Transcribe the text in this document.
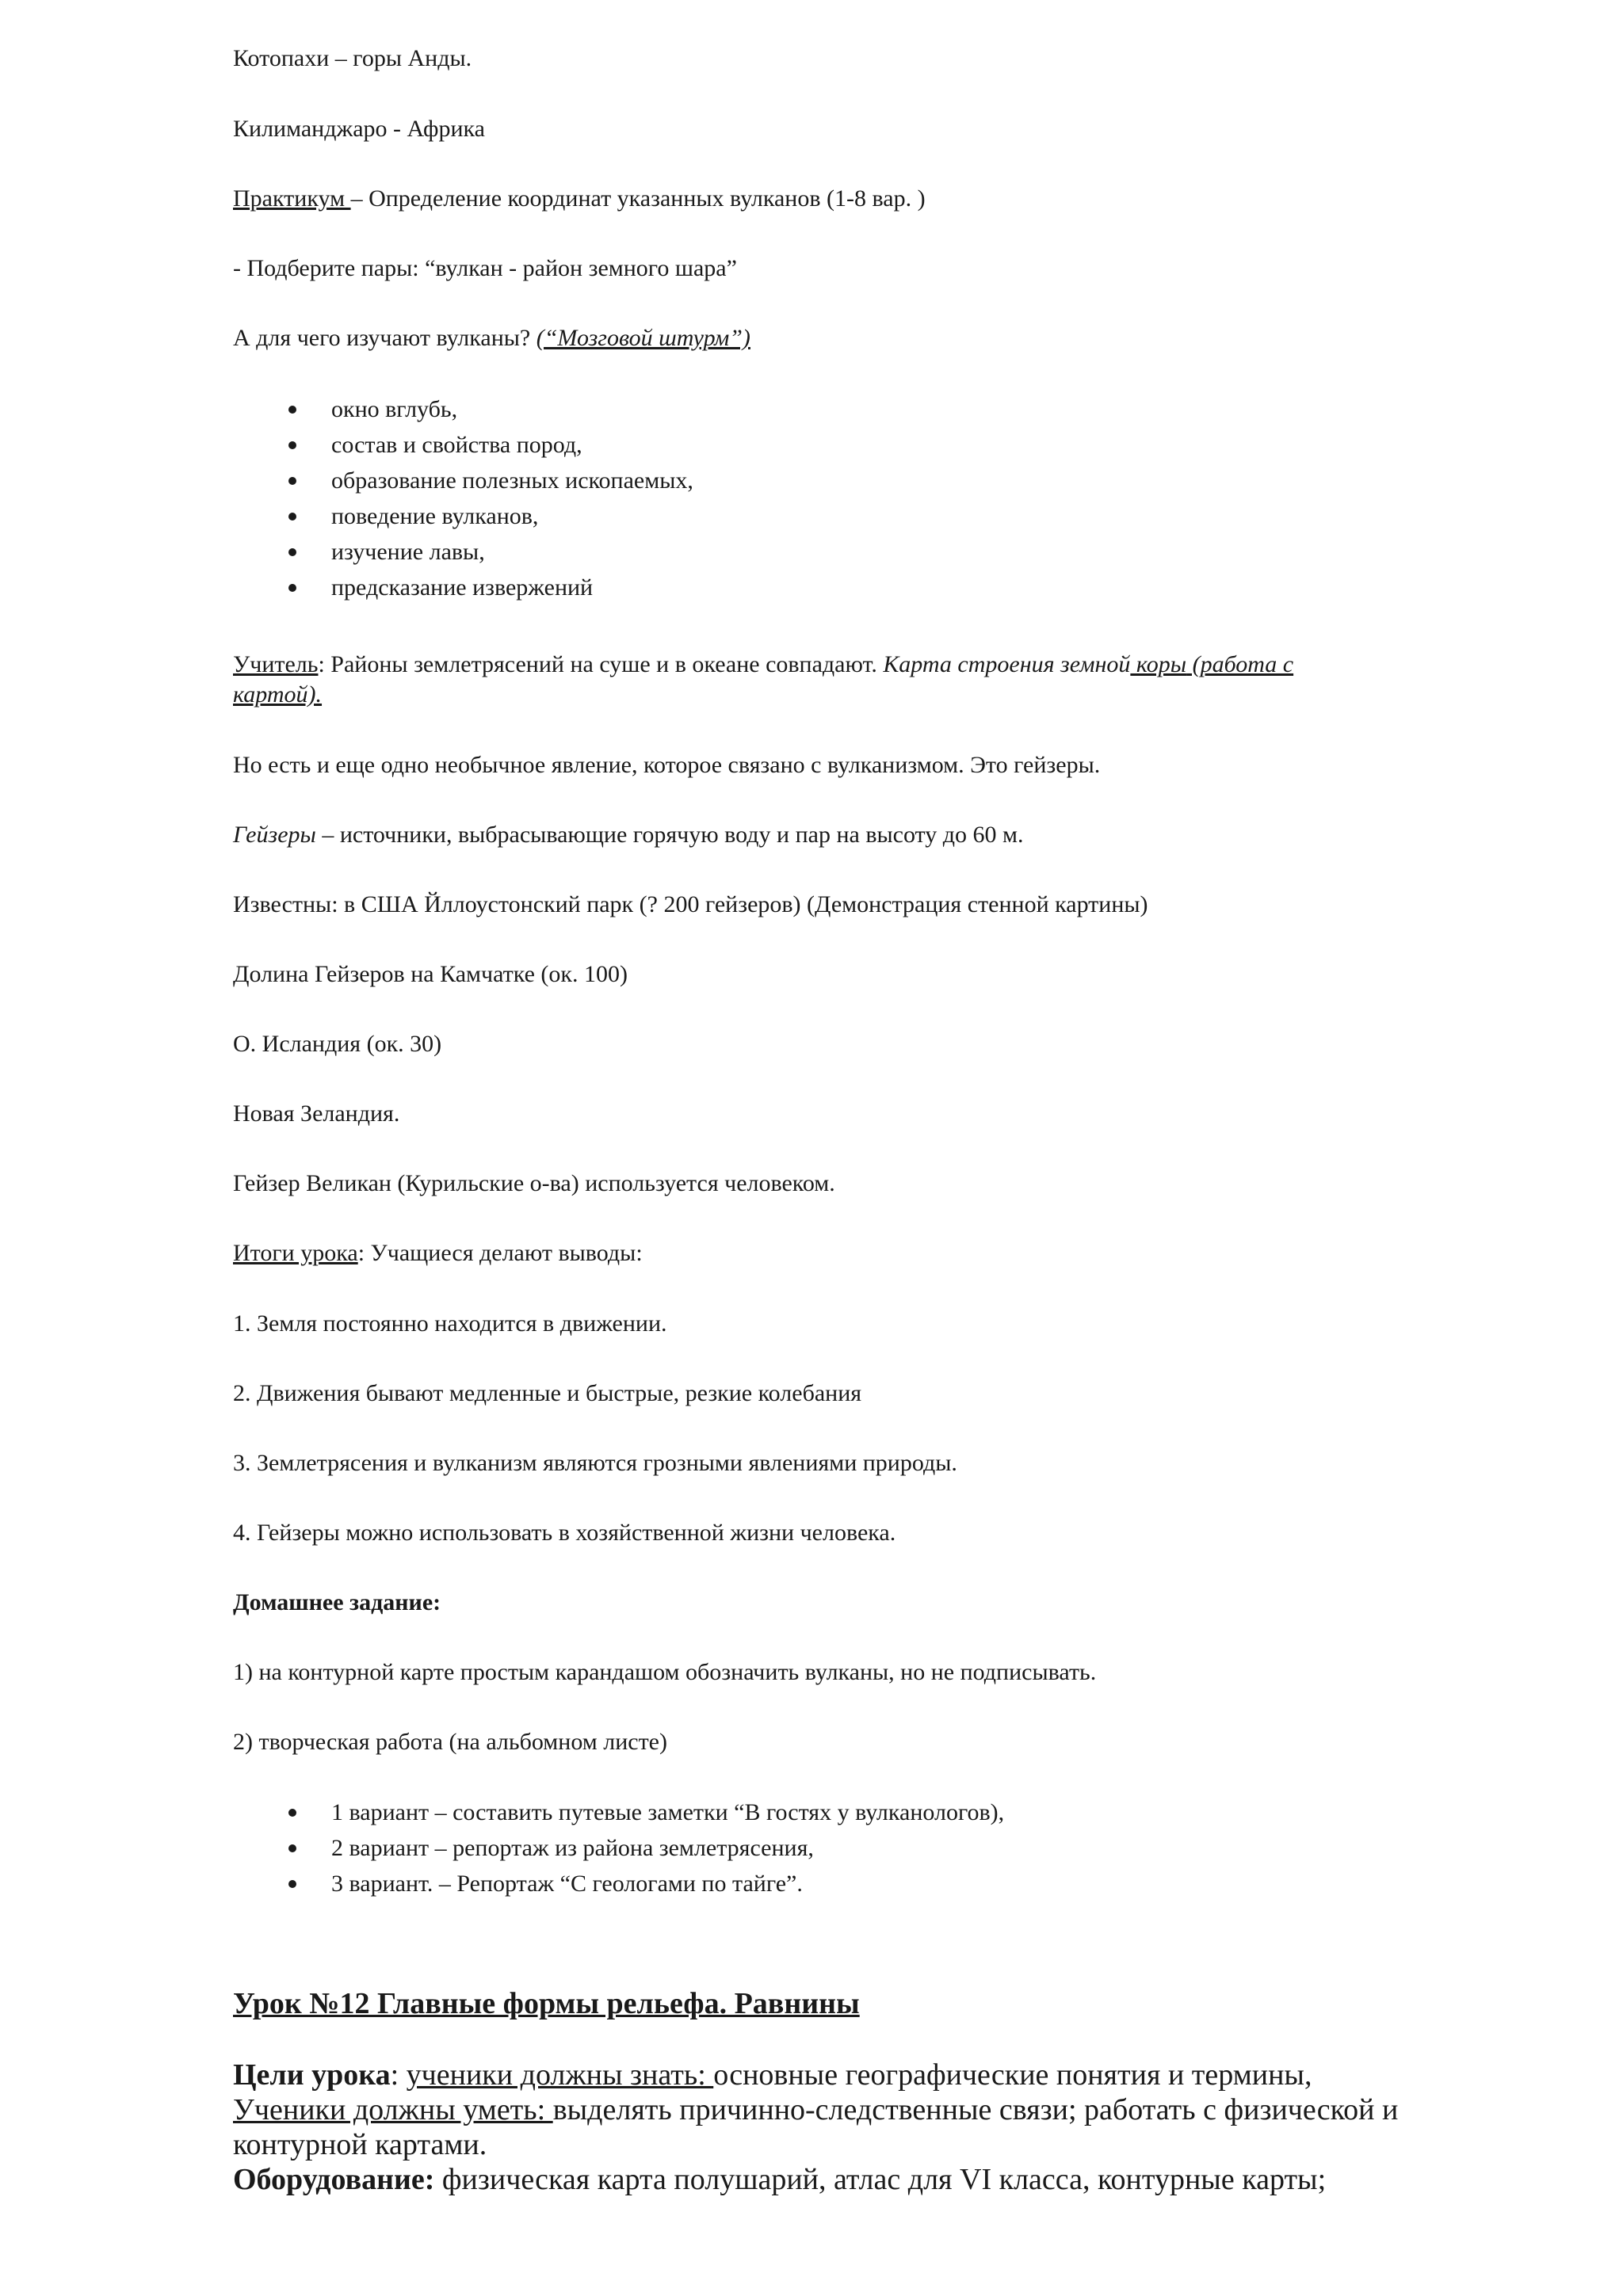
Котопахи – горы Анды.
Килиманджаро - Африка
Практикум – Определение координат указанных вулканов (1-8 вар. )
- Подберите пары: “вулкан - район земного шара”
А для чего изучают вулканы? (“Мозговой штурм”)
окно вглубь,
состав и свойства пород,
образование полезных ископаемых,
поведение вулканов,
изучение лавы,
предсказание извержений
Учитель: Районы землетрясений на суше и в океане совпадают. Карта строения земной коры (работа с
картой).
Но есть и еще одно необычное явление, которое связано с вулканизмом. Это гейзеры.
Гейзеры – источники, выбрасывающие горячую воду и пар на высоту до 60 м.
Известны: в США Йллоустонский парк (? 200 гейзеров) (Демонстрация стенной картины)
Долина Гейзеров на Камчатке (ок. 100)
О. Исландия (ок. 30)
Новая Зеландия.
Гейзер Великан (Курильские о-ва) используется человеком.
Итоги урока: Учащиеся делают выводы:
1. Земля постоянно находится в движении.
2. Движения бывают медленные и быстрые, резкие колебания
3. Землетрясения и вулканизм являются грозными явлениями природы.
4. Гейзеры можно использовать в хозяйственной жизни человека.
Домашнее задание:
1) на контурной карте простым карандашом обозначить вулканы, но не подписывать.
2) творческая работа (на альбомном листе)
1 вариант – составить путевые заметки “В гостях у вулканологов),
2 вариант – репортаж из района землетрясения,
3 вариант. – Репортаж “С геологами по тайге”.
Урок №12 Главные формы рельефа. Равнины
Цели урока: ученики должны знать: основные географические понятия и термины,
Ученики должны уметь: выделять причинно-следственные связи; работать с физической и контурной картами.
Оборудование: физическая карта полушарий, атлас для VI класса, контурные карты;
